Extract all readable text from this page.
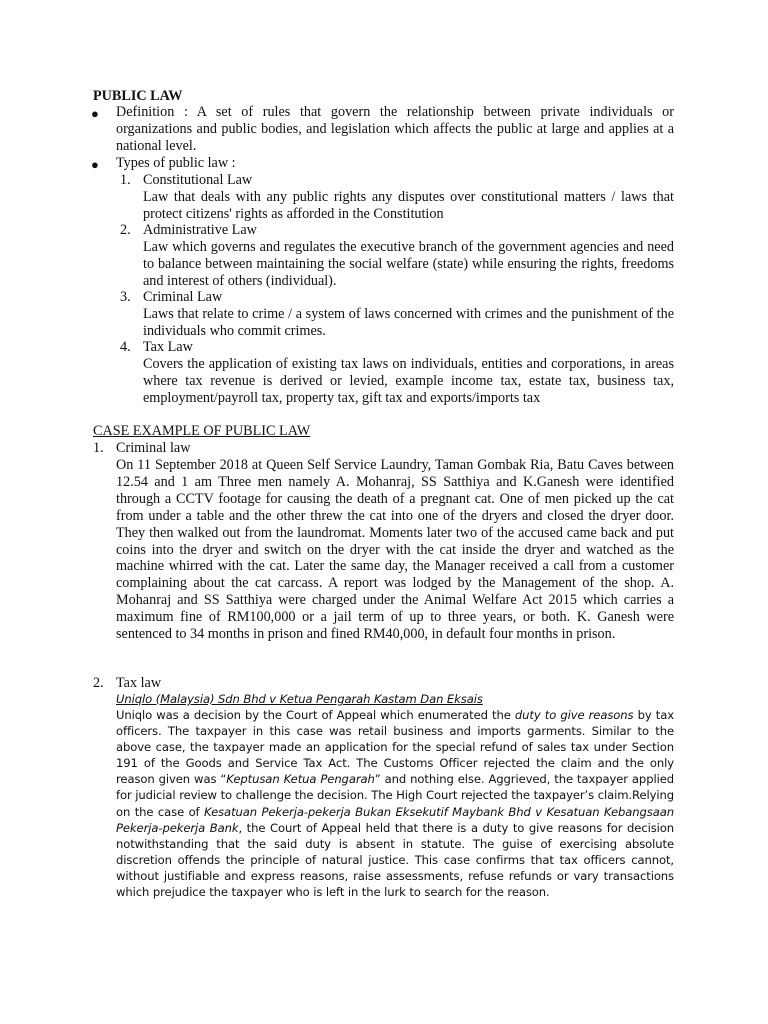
PUBLIC LAW
● Definition : A set of rules that govern the relationship between private individuals or organizations and public bodies, and legislation which affects the public at large and applies at a national level.

● Types of public law :

1. Constitutional Law

Law that deals with any public rights any disputes over constitutional matters / laws that protect citizens' rights as afforded in the Constitution

2. Administrative Law

Law which governs and regulates the executive branch of the government agencies and need to balance between maintaining the social welfare (state) while ensuring the rights, freedoms and interest of others (individual).

3. Criminal Law

Laws that relate to crime / a system of laws concerned with crimes and the punishment of the individuals who commit crimes.

4. Tax Law

Covers the application of existing tax laws on individuals, entities and corporations, in areas where tax revenue is derived or levied, example income tax, estate tax, business tax, employment/payroll tax, property tax, gift tax and exports/imports tax

CASE EXAMPLE OF PUBLIC LAW

1. Criminal law

On 11 September 2018 at Queen Self Service Laundry, Taman Gombak Ria, Batu Caves between 12.54 and 1 am Three men namely A. Mohanraj, SS Satthiya and K.Ganesh were identified through a CCTV footage for causing the death of a pregnant cat. One of men picked up the cat from under a table and the other threw the cat into one of the dryers and closed the dryer door. They then walked out from the laundromat. Moments later two of the accused came back and put coins into the dryer and switch on the dryer with the cat inside the dryer and watched as the machine whirred with the cat. Later the same day, the Manager received a call from a customer complaining about the cat carcass. A report was lodged by the Management of the shop. A. Mohanraj and SS Satthiya were charged under the Animal Welfare Act 2015 which carries a maximum fine of RM100,000 or a jail term of up to three years, or both. K. Ganesh were sentenced to 34 months in prison and fined RM40,000, in default four months in prison.

2. Tax law

Uniqlo (Malaysia) Sdn Bhd v Ketua Pengarah Kastam Dan Eksais

Uniqlo was a decision by the Court of Appeal which enumerated the duty to give reasons by tax officers. The taxpayer in this case was retail business and imports garments. Similar to the above case, the taxpayer made an application for the special refund of sales tax under Section 191 of the Goods and Service Tax Act. The Customs Officer rejected the claim and the only reason given was “Keptusan Ketua Pengarah” and nothing else. Aggrieved, the taxpayer applied for judicial review to challenge the decision. The High Court rejected the taxpayer’s claim.Relying on the case of Kesatuan Pekerja-pekerja Bukan Eksekutif Maybank Bhd v Kesatuan Kebangsaan Pekerja-pekerja Bank, the Court of Appeal held that there is a duty to give reasons for decision notwithstanding that the said duty is absent in statute. The guise of exercising absolute discretion offends the principle of natural justice. This case confirms that tax officers cannot, without justifiable and express reasons, raise assessments, refuse refunds or vary transactions which prejudice the taxpayer who is left in the lurk to search for the reason.
